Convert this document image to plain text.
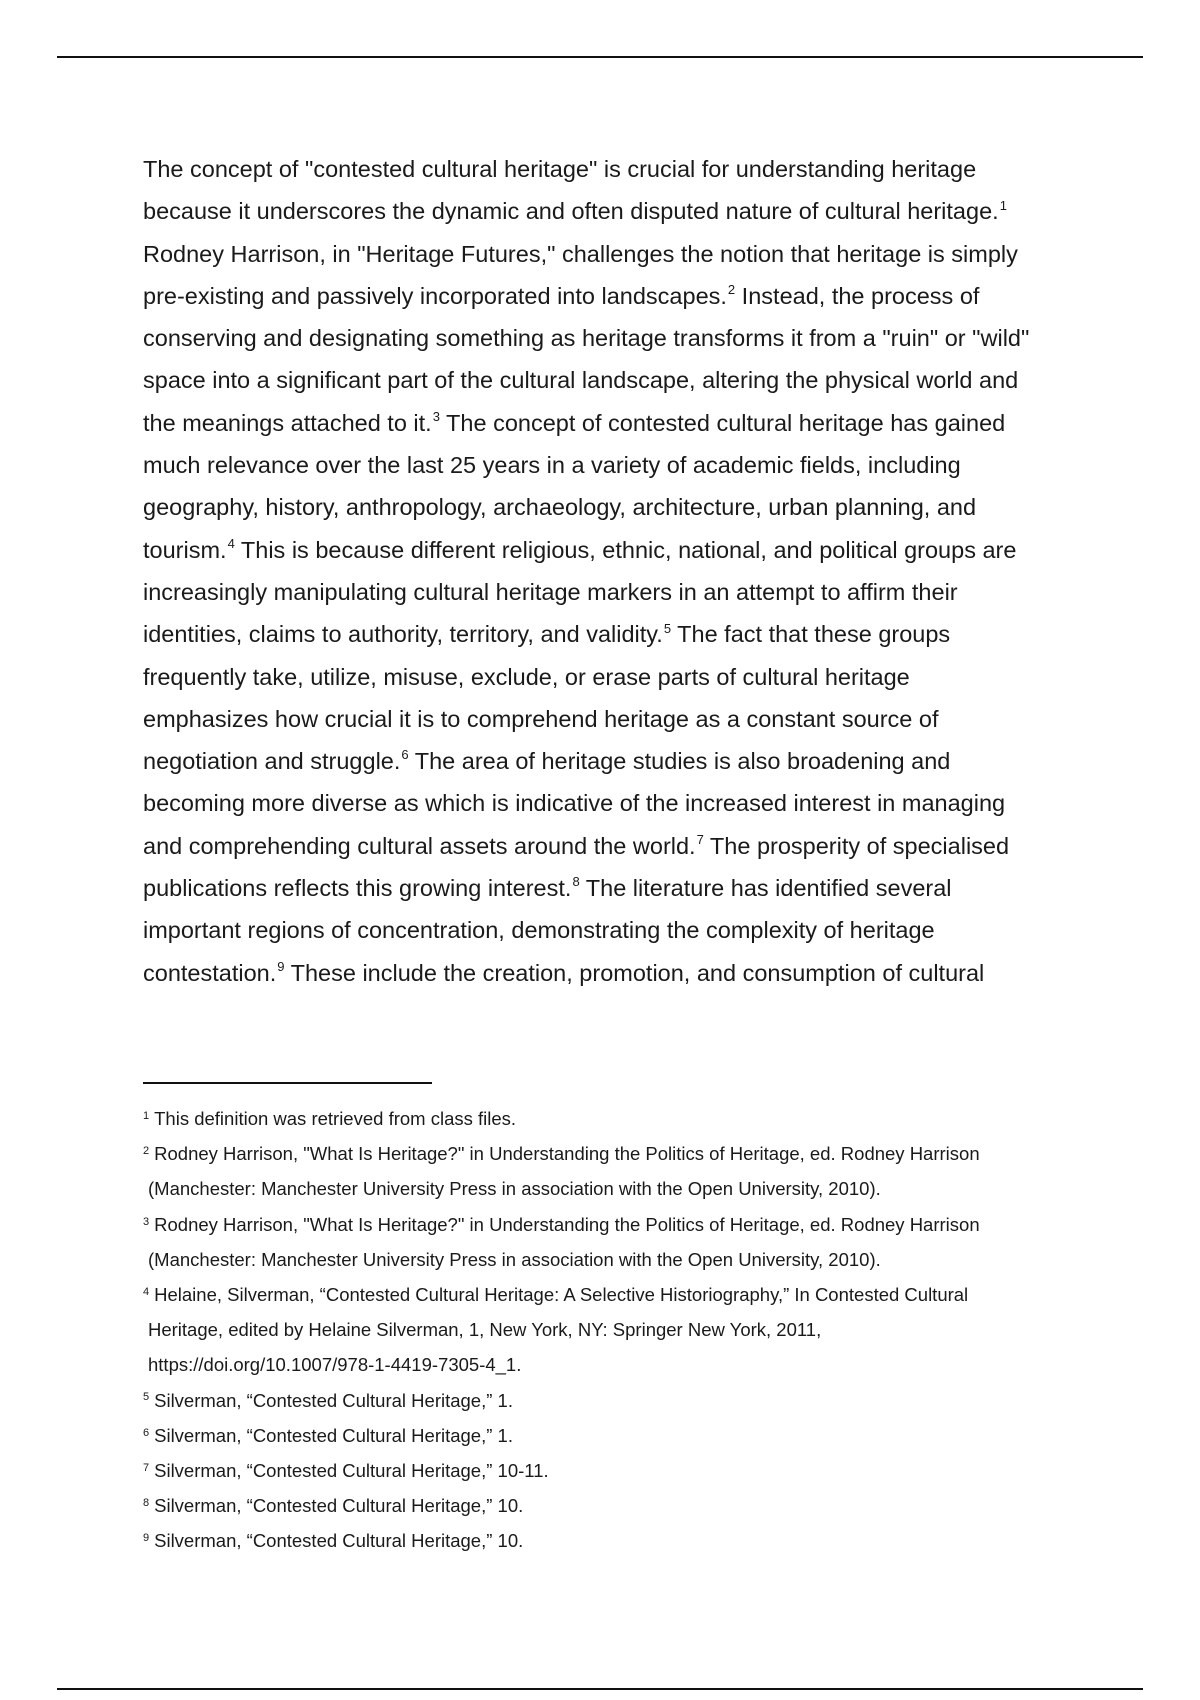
The concept of "contested cultural heritage" is crucial for understanding heritage
because it underscores the dynamic and often disputed nature of cultural heritage.$^1$
Rodney Harrison, in "Heritage Futures," challenges the notion that heritage is simply
pre-existing and passively incorporated into landscapes.$^2$ Instead, the process of
conserving and designating something as heritage transforms it from a "ruin" or "wild"
space into a significant part of the cultural landscape, altering the physical world and
the meanings attached to it.$^3$ The concept of contested cultural heritage has gained
much relevance over the last 25 years in a variety of academic fields, including
geography, history, anthropology, archaeology, architecture, urban planning, and
tourism.$^4$ This is because different religious, ethnic, national, and political groups are
increasingly manipulating cultural heritage markers in an attempt to affirm their
identities, claims to authority, territory, and validity.$^5$ The fact that these groups
frequently take, utilize, misuse, exclude, or erase parts of cultural heritage
emphasizes how crucial it is to comprehend heritage as a constant source of
negotiation and struggle.$^6$ The area of heritage studies is also broadening and
becoming more diverse as which is indicative of the increased interest in managing
and comprehending cultural assets around the world.$^7$ The prosperity of specialised
publications reflects this growing interest.$^8$ The literature has identified several
important regions of concentration, demonstrating the complexity of heritage
contestation.$^9$ These include the creation, promotion, and consumption of cultural
$^1$ This definition was retrieved from class files.
$^2$ Rodney Harrison, "What Is Heritage?" in Understanding the Politics of Heritage, ed. Rodney Harrison
(Manchester: Manchester University Press in association with the Open University, 2010).
$^3$ Rodney Harrison, "What Is Heritage?" in Understanding the Politics of Heritage, ed. Rodney Harrison
(Manchester: Manchester University Press in association with the Open University, 2010).
$^4$ Helaine, Silverman, “Contested Cultural Heritage: A Selective Historiography,” In Contested Cultural
Heritage, edited by Helaine Silverman, 1, New York, NY: Springer New York, 2011,
https://doi.org/10.1007/978-1-4419-7305-4_1.
$^5$ Silverman, “Contested Cultural Heritage,” 1.
$^6$ Silverman, “Contested Cultural Heritage,” 1.
$^7$ Silverman, “Contested Cultural Heritage,” 10-11.
$^8$ Silverman, “Contested Cultural Heritage,” 10.
$^9$ Silverman, “Contested Cultural Heritage,” 10.
